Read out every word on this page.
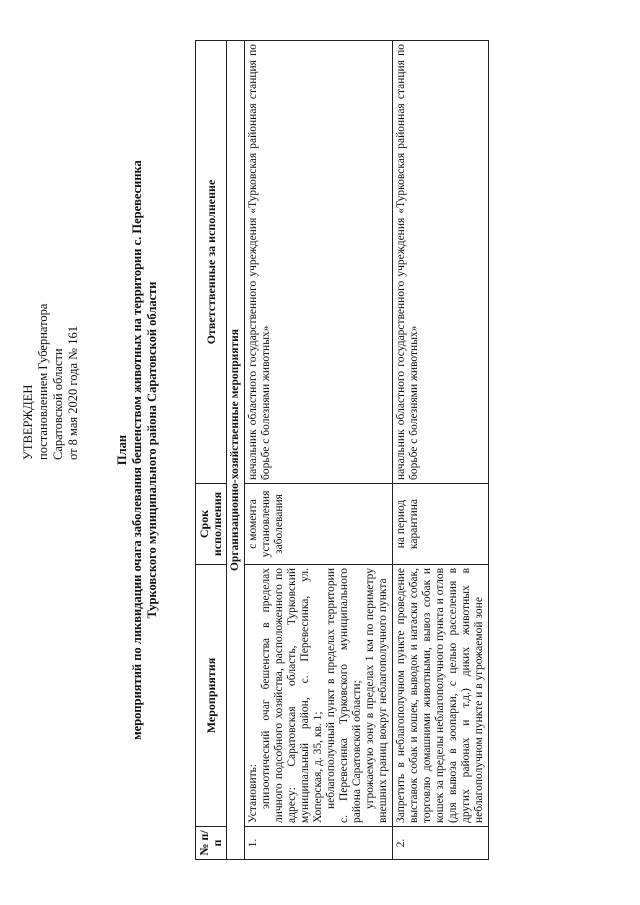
УТВЕРЖДЕН постановлением Губернатора Саратовской области от 8 мая 2020 года № 161	План мероприятий по ликвидации очага заболевания бешенством животных на территории с. Перевесинка Турковского муниципального района Саратовской области
№ п/п	Мероприятия	Срок исполнения	Ответственные за исполнение
Организационно-хозяйственные мероприятия			
1.	Установить: эпизоотический очаг бешенства в пределах личного подсобного хозяйства, расположенного по адресу: Саратовская область, Турковский муниципальный район, с. Перевесинка, ул. Хоперская, д. 35, кв. 1; неблагополучный пункт в пределах территории с. Перевесинка Турковского муниципального района Саратовской области; угрожаемую зону в пределах 1 км по периметру внешних границ вокруг неблагополучного пункта	с момента установления заболевания	начальник областного государственного учреждения «Турковская районная станция по борьбе с болезнями животных»
2.	Запретить в неблагополучном пункте проведение выставок собак и кошек, выводок и натаски собак, торговлю домашними животными, вывоз собак и кошек за пределы неблагополучного пункта и отлов (для вывоза в зоопарки, с целью расселения в других районах и т.д.) диких животных в неблагополучном пункте и в угрожаемой зоне	на период карантина	начальник областного государственного учреждения «Турковская районная станция по борьбе с болезнями животных»
